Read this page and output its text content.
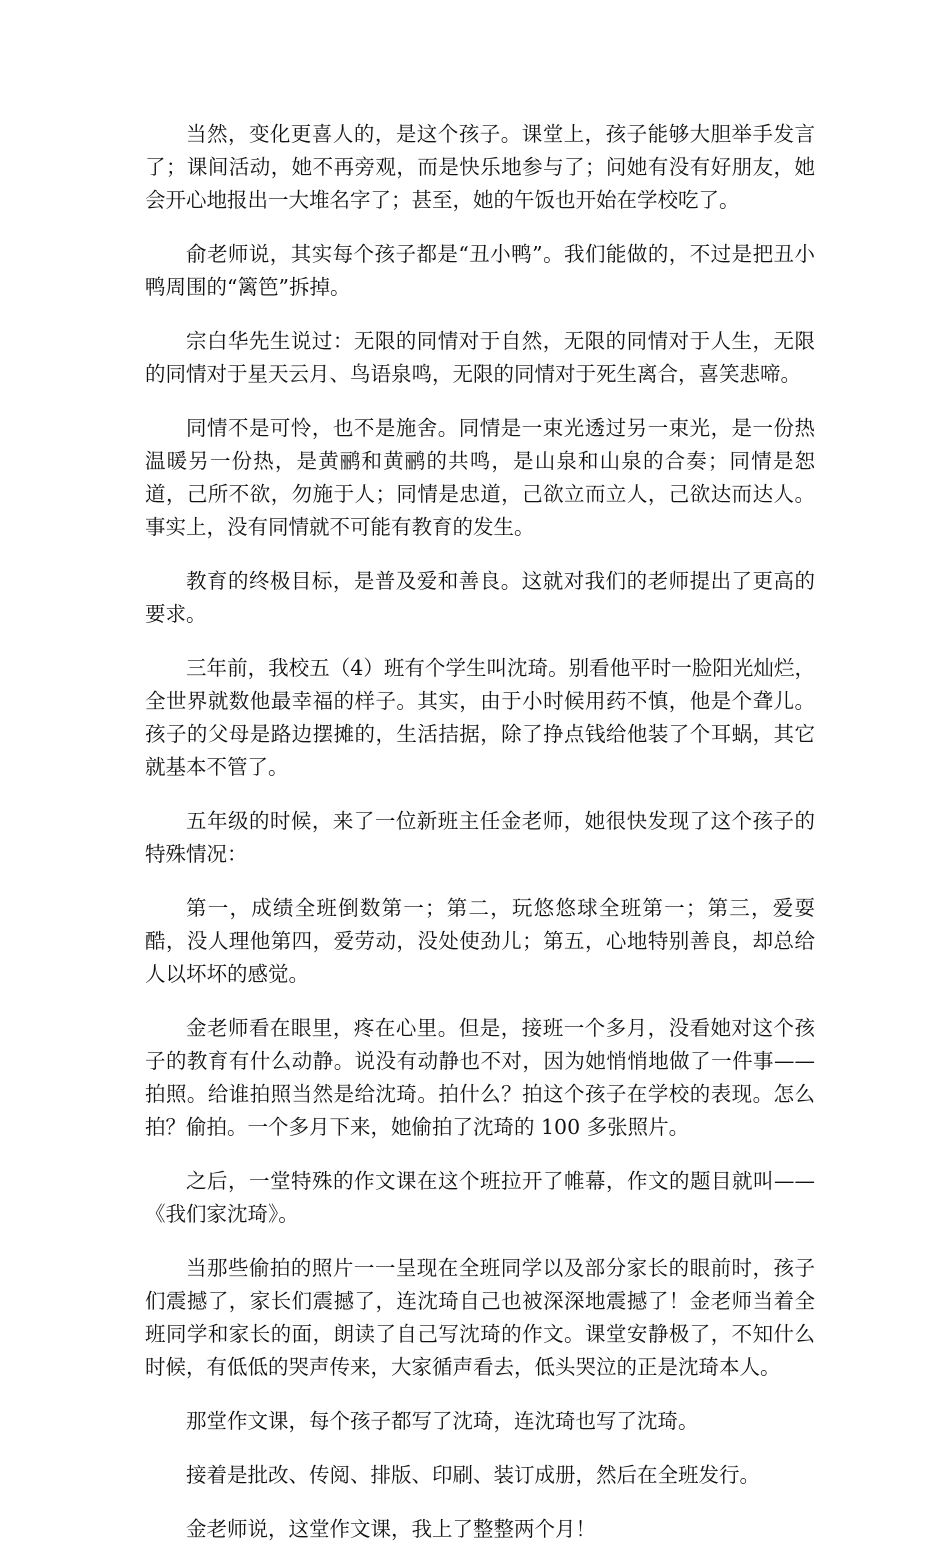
当然，变化更喜人的，是这个孩子。课堂上，孩子能够大胆举手发言了；课间活动，她不再旁观，而是快乐地参与了；问她有没有好朋友，她会开心地报出一大堆名字了；甚至，她的午饭也开始在学校吃了。

俞老师说，其实每个孩子都是“丑小鸭”。我们能做的，不过是把丑小鸭周围的“篱笆”拆掉。

宗白华先生说过：无限的同情对于自然，无限的同情对于人生，无限的同情对于星天云月、鸟语泉鸣，无限的同情对于死生离合，喜笑悲啼。

同情不是可怜，也不是施舍。同情是一束光透过另一束光，是一份热温暖另一份热，是黄鹂和黄鹂的共鸣，是山泉和山泉的合奏；同情是恕道，己所不欲，勿施于人；同情是忠道，己欲立而立人，己欲达而达人。事实上，没有同情就不可能有教育的发生。

教育的终极目标，是普及爱和善良。这就对我们的老师提出了更高的要求。

三年前，我校五（4）班有个学生叫沈琦。别看他平时一脸阳光灿烂，全世界就数他最幸福的样子。其实，由于小时候用药不慎，他是个聋儿。孩子的父母是路边摆摊的，生活拮据，除了挣点钱给他装了个耳蜗，其它就基本不管了。

五年级的时候，来了一位新班主任金老师，她很快发现了这个孩子的特殊情况：

第一，成绩全班倒数第一；第二，玩悠悠球全班第一；第三，爱耍酷，没人理他第四，爱劳动，没处使劲儿；第五，心地特别善良，却总给人以坏坏的感觉。

金老师看在眼里，疼在心里。但是，接班一个多月，没看她对这个孩子的教育有什么动静。说没有动静也不对，因为她悄悄地做了一件事——拍照。给谁拍照当然是给沈琦。拍什么？拍这个孩子在学校的表现。怎么拍？偷拍。一个多月下来，她偷拍了沈琦的 100 多张照片。

之后，一堂特殊的作文课在这个班拉开了帷幕，作文的题目就叫——《我们家沈琦》。

当那些偷拍的照片一一呈现在全班同学以及部分家长的眼前时，孩子们震撼了，家长们震撼了，连沈琦自己也被深深地震撼了！金老师当着全班同学和家长的面，朗读了自己写沈琦的作文。课堂安静极了，不知什么时候，有低低的哭声传来，大家循声看去，低头哭泣的正是沈琦本人。

那堂作文课，每个孩子都写了沈琦，连沈琦也写了沈琦。

接着是批改、传阅、排版、印刷、装订成册，然后在全班发行。

金老师说，这堂作文课，我上了整整两个月！
